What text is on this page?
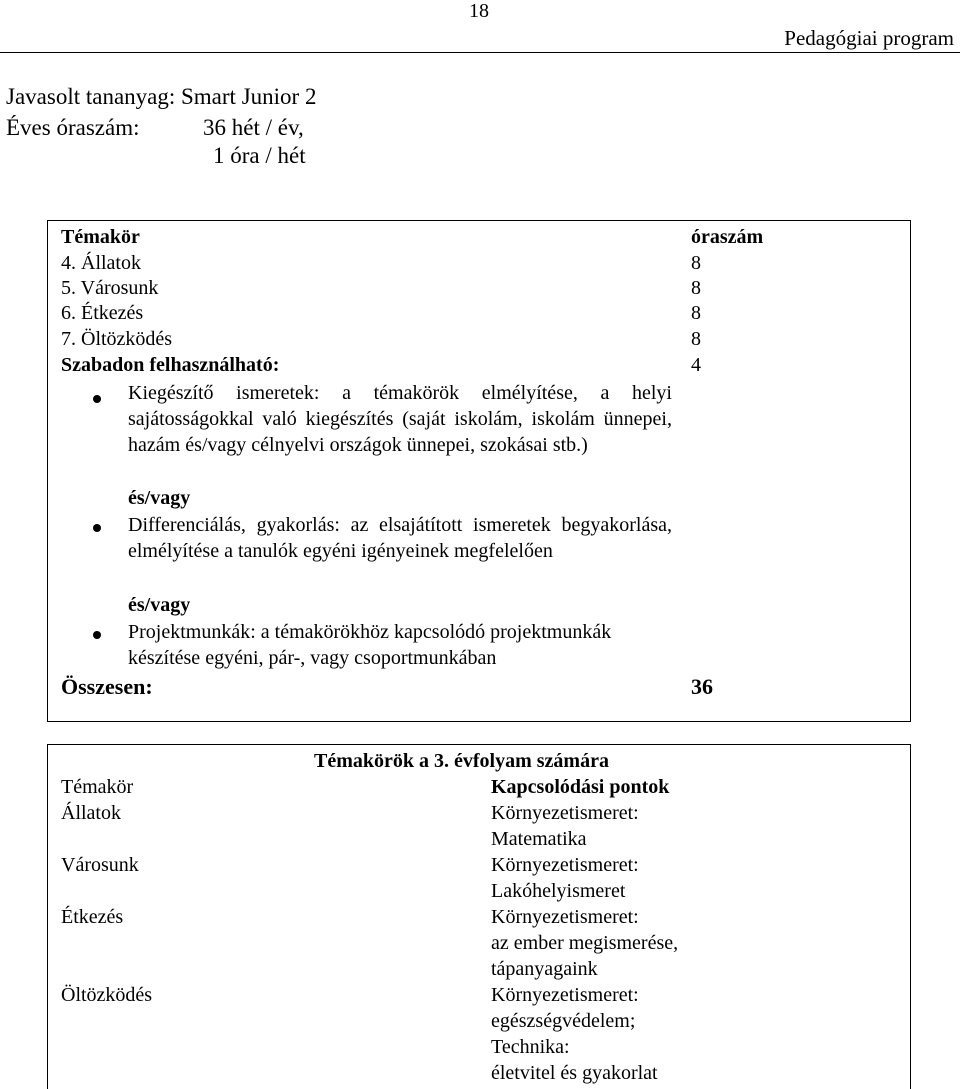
18
Pedagógiai program
Javasolt tananyag: Smart Junior 2
Éves óraszám:	36 hét / év,
1 óra / hét
Témakör	óraszám
4. Állatok	8
5. Városunk	8
6. Étkezés	8
7. Öltözködés	8
Szabadon felhasználható:	4
Kiegészítő ismeretek: a témakörök elmélyítése, a helyi sajátosságokkal való kiegészítés (saját iskolám, iskolám ünnepei, hazám és/vagy célnyelvi országok ünnepei, szokásai stb.)
és/vagy
Differenciálás, gyakorlás: az elsajátított ismeretek begyakorlása, elmélyítése a tanulók egyéni igényeinek megfelelően
és/vagy
Projektmunkák: a témakörökhöz kapcsolódó projektmunkák készítése egyéni, pár-, vagy csoportmunkában
Összesen:	36
Témakörök a 3. évfolyam számára
Témakör	Kapcsolódási pontok
Állatok	Környezetismeret:
Matematika
Városunk	Környezetismeret:
Lakóhelyismeret
Étkezés	Környezetismeret:
az ember megismerése,
tápanyagaink
Öltözködés	Környezetismeret:
egészségvédelem;
Technika:
életvitel és gyakorlat
